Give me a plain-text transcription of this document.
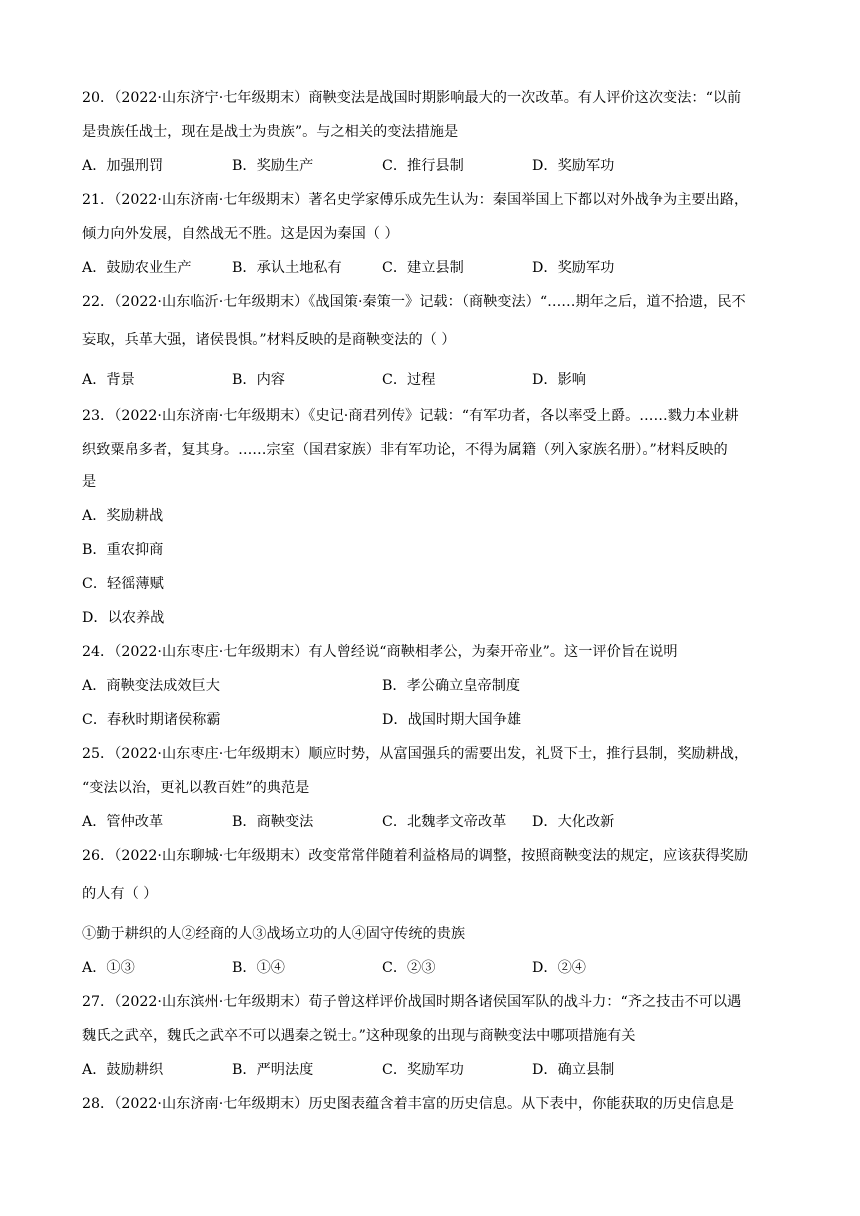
20．（2022·山东济宁·七年级期末）商鞅变法是战国时期影响最大的一次改革。有人评价这次变法：“以前
是贵族任战士，现在是战士为贵族”。与之相关的变法措施是
A．加强刑罚	B．奖励生产	C．推行县制	D．奖励军功
21．（2022·山东济南·七年级期末）著名史学家傅乐成先生认为：秦国举国上下都以对外战争为主要出路，
倾力向外发展，自然战无不胜。这是因为秦国（ ）
A．鼓励农业生产	B．承认土地私有	C．建立县制	D．奖励军功
22．（2022·山东临沂·七年级期末）《战国策·秦策一》记载：（商鞅变法）“……期年之后，道不拾遗，民不
妄取，兵革大强，诸侯畏惧。”材料反映的是商鞅变法的（ ）
A．背景	B．内容	C．过程	D．影响
23．（2022·山东济南·七年级期末）《史记·商君列传》记载：“有军功者，各以率受上爵。……戮力本业耕
织致粟帛多者，复其身。……宗室（国君家族）非有军功论，不得为属籍（列入家族名册）。”材料反映的
是
A．奖励耕战
B．重农抑商
C．轻徭薄赋
D．以农养战
24．（2022·山东枣庄·七年级期末）有人曾经说“商鞅相孝公，为秦开帝业”。这一评价旨在说明
A．商鞅变法成效巨大	B．孝公确立皇帝制度
C．春秋时期诸侯称霸	D．战国时期大国争雄
25．（2022·山东枣庄·七年级期末）顺应时势，从富国强兵的需要出发，礼贤下士，推行县制，奖励耕战，
“变法以治，更礼以教百姓”的典范是
A．管仲改革	B．商鞅变法	C．北魏孝文帝改革 D．大化改新
26．（2022·山东聊城·七年级期末）改变常常伴随着利益格局的调整，按照商鞅变法的规定，应该获得奖励
的人有（ ）
①勤于耕织的人②经商的人③战场立功的人④固守传统的贵族
A．①③	B．①④	C．②③	D．②④
27．（2022·山东滨州·七年级期末）荀子曾这样评价战国时期各诸侯国军队的战斗力：“齐之技击不可以遇
魏氏之武卒，魏氏之武卒不可以遇秦之锐士。”这种现象的出现与商鞅变法中哪项措施有关
A．鼓励耕织	B．严明法度	C．奖励军功	D．确立县制
28．（2022·山东济南·七年级期末）历史图表蕴含着丰富的历史信息。从下表中，你能获取的历史信息是
